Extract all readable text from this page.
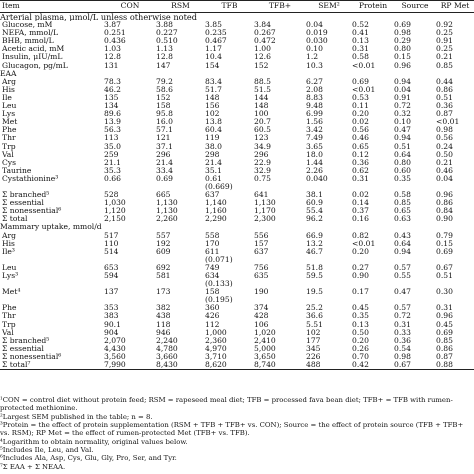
Item	CON	RSM	TFB	TFB+	SEM²	Protein	Source	RP Met
Arterial plasma, μmol/L unless otherwise noted								
Glucose, mM	3.87	3.88	3.85	3.84	0.04	0.52	0.69	0.92
NEFA, mmol/L	0.251	0.227	0.235	0.267	0.019	0.41	0.98	0.25
BHB, mmol/L	0.436	0.510	0.467	0.472	0.030	0.13	0.29	0.91
Acetic acid, mM	1.03	1.13	1.17	1.00	0.10	0.31	0.80	0.25
Insulin, μIU/mL	12.8	12.8	10.4	12.6	1.2	0.58	0.15	0.21
Glucagon, pg/mL	131	147	154	152	10.3	<0.01	0.96	0.85
EAA								
Arg	78.3	79.2	83.4	88.5	6.27	0.69	0.94	0.44
His	46.2	58.6	51.7	51.5	2.08	<0.01	0.04	0.86
Ile	135	152	148	144	8.83	0.53	0.91	0.51
Leu	134	158	156	148	9.48	0.11	0.72	0.36
Lys	89.6	95.8	102	100	6.99	0.20	0.32	0.87
Met	13.9	16.0	13.8	20.7	1.56	0.02	0.10	<0.01
Phe	56.3	57.1	60.4	60.5	3.42	0.56	0.47	0.98
Thr	113	121	119	123	7.49	0.46	0.94	0.56
Trp	35.0	37.1	38.0	34.9	3.65	0.65	0.51	0.24
Val	259	296	298	296	18.0	0.12	0.64	0.50
Cys	21.1	21.4	21.4	22.9	1.44	0.36	0.80	0.21
Taurine	35.3	33.4	35.1	32.9	2.26	0.62	0.60	0.46
Cystathionine³	0.66	0.69	0.61	0.75	0.040	0.31	0.35	0.04
			(0.669)					
Σ branched⁵	528	665	637	641	38.1	0.02	0.58	0.96
Σ essential	1,030	1,130	1,140	1,130	60.9	0.14	0.85	0.86
Σ nonessential⁶	1,120	1,130	1,160	1,170	55.4	0.37	0.65	0.84
Σ total	2,150	2,260	2,290	2,300	96.2	0.16	0.63	0.90
Mammary uptake, mmol/d								
Arg	517	557	558	556	66.9	0.82	0.43	0.79
His	110	192	170	157	13.2	<0.01	0.64	0.15
Ile³	514	609	611	637	46.7	0.20	0.94	0.69
			(0.071)					
Leu	653	692	749	756	51.8	0.27	0.57	0.67
Lys³	594	581	634	635	59.5	0.90	0.55	0.51
			(0.133)					
Met⁴	137	173	158	190	19.5	0.17	0.47	0.30
			(0.195)					
Phe	353	382	360	374	25.2	0.45	0.57	0.31
Thr	383	438	426	428	36.6	0.35	0.72	0.96
Trp	90.1	118	112	106	5.51	0.13	0.31	0.45
Val	904	946	1,000	1,020	102	0.50	0.33	0.69
Σ branched⁵	2,070	2,240	2,360	2,410	177	0.20	0.36	0.85
Σ essential	4,430	4,780	4,970	5,000	345	0.26	0.54	0.86
Σ nonessential⁶	3,560	3,660	3,710	3,650	226	0.70	0.98	0.87
Σ total⁷	7,990	8,430	8,620	8,740	488	0.42	0.67	0.88
¹CON = control diet without protein feed; RSM = rapeseed meal diet; TFB = processed fava bean diet; TFB+ = TFB with rumen-protected methionine.
²Largest SEM published in the table; n = 8.
³Protein = the effect of protein supplementation (RSM + TFB + TFB+ vs. CON); Source = the effect of protein source (TFB + TFB+ vs. RSM); RP Met = the effect of rumen-protected Met (TFB+ vs. TFB).
⁴Logarithm to obtain normality, original values below.
⁵Includes Ile, Leu, and Val.
⁶Includes Ala, Asp, Cys, Glu, Gly, Pro, Ser, and Tyr.
⁷Σ EAA + Σ NEAA.
